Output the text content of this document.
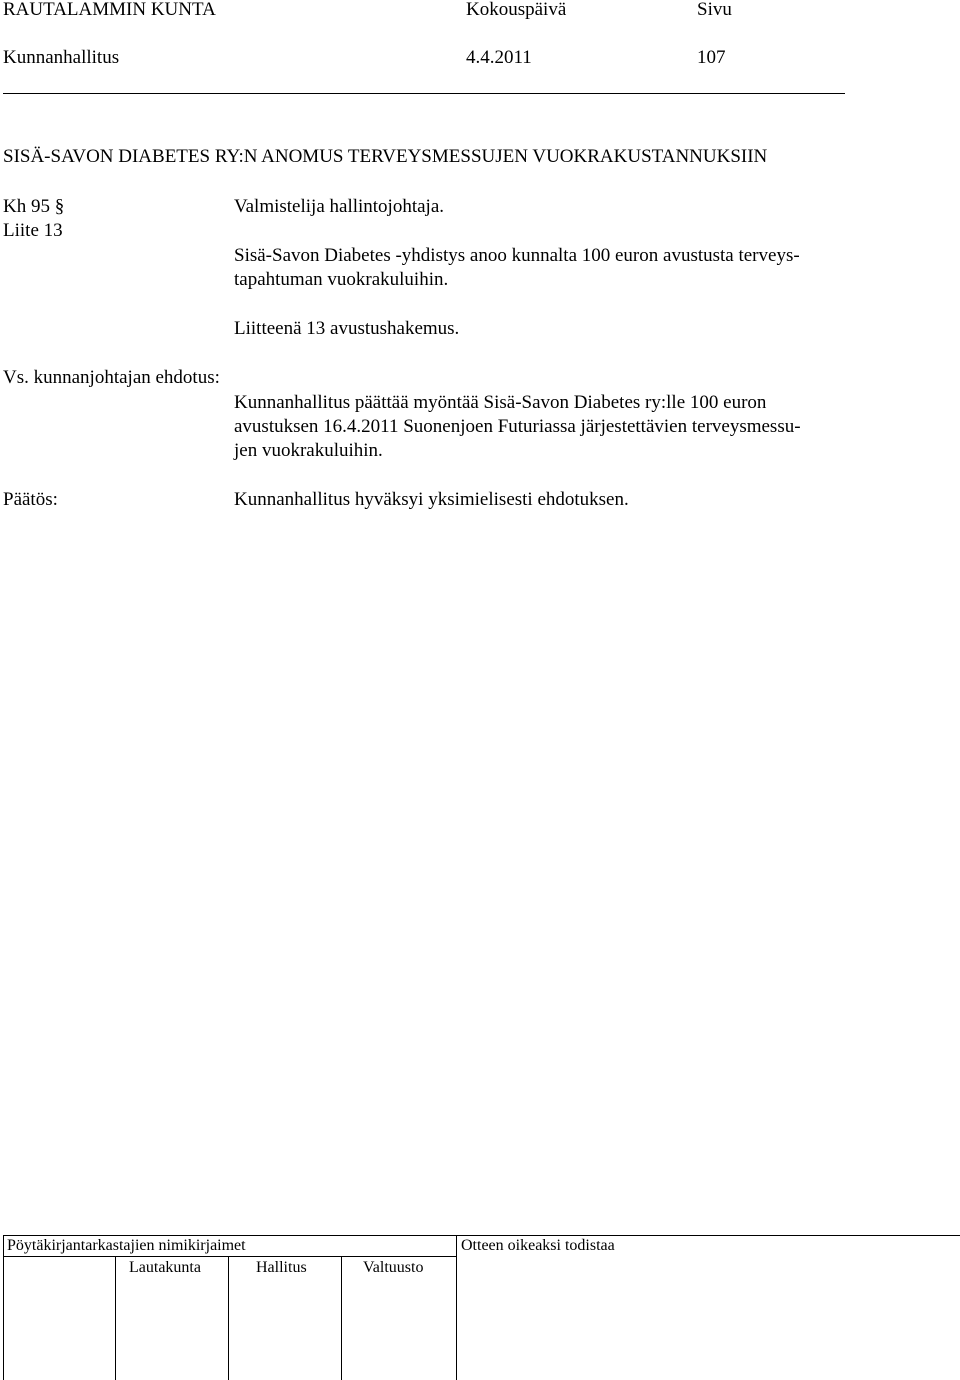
RAUTALAMMIN KUNTA	Kokouspäivä	Sivu
Kunnanhallitus	4.4.2011	107
SISÄ-SAVON DIABETES RY:N ANOMUS TERVEYSMESSUJEN VUOKRAKUSTANNUKSIIN
Kh 95 §
Liite 13
Valmistelija hallintojohtaja.
Sisä-Savon Diabetes -yhdistys anoo kunnalta 100 euron avustusta terveys-
tapahtuman vuokrakuluihin.
Liitteenä 13 avustushakemus.
Vs. kunnanjohtajan ehdotus:
Kunnanhallitus päättää myöntää Sisä-Savon Diabetes ry:lle 100 euron
avustuksen 16.4.2011 Suonenjoen Futuriassa järjestettävien terveysmessu-
jen vuokrakuluihin.
Päätös:	Kunnanhallitus hyväksyi yksimielisesti ehdotuksen.
Pöytäkirjantarkastajien nimikirjaimet	Otteen oikeaksi todistaa
Lautakunta	Hallitus	Valtuusto
